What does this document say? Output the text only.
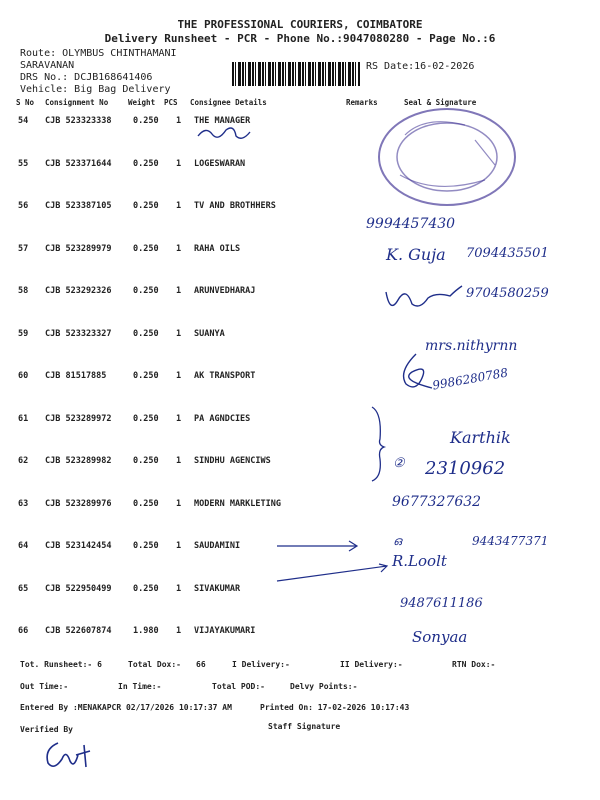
THE PROFESSIONAL COURIERS, COIMBATORE
Delivery Runsheet - PCR - Phone No.:9047080280 - Page No.:6
Route: OLYMBUS CHINTHAMANI
SARAVANAN
DRS No.: DCJB168641406
Vehicle: Big Bag Delivery
RS Date:16-02-2026
S No Consignment No	Weight PCS Consignee Details	Remarks	Seal & Signature
54 CJB 523323338	0.250 1 THE MANAGER
55 CJB 523371644	0.250 1 LOGESWARAN
56 CJB 523387105	0.250 1 TV AND BROTHHERS
57 CJB 523289979	0.250 1 RAHA OILS
58 CJB 523292326	0.250 1 ARUNVEDHARAJ
59 CJB 523323327	0.250 1 SUANYA
60 CJB 81517885	0.250 1 AK TRANSPORT
61 CJB 523289972	0.250 1 PA AGNDCIES
62 CJB 523289982	0.250 1 SINDHU AGENCIWS
63 CJB 523289976	0.250 1 MODERN MARKLETING
64 CJB 523142454	0.250 1 SAUDAMINI
65 CJB 522950499	0.250 1 SIVAKUMAR
66 CJB 522607874	1.980 1 VIJAYAKUMARI
9994457430
K. Guja 7094435501
9704580259
mrs.nithyrnn
9986280788
Karthik
② 2310962
9677327632
ഒ	9443477371
R.Loolt
9487611186
Sonyaa
Tot. Runsheet:- 6	Total Dox:- 66	I Delivery:-	II Delivery:-	RTN Dox:-
Out Time:-	In Time:-	Total POD:-	Delvy Points:-
Entered By :MENAKAPCR 02/17/2026 10:17:37 AM	Printed On: 17-02-2026 10:17:43
Verified By	Staff Signature
